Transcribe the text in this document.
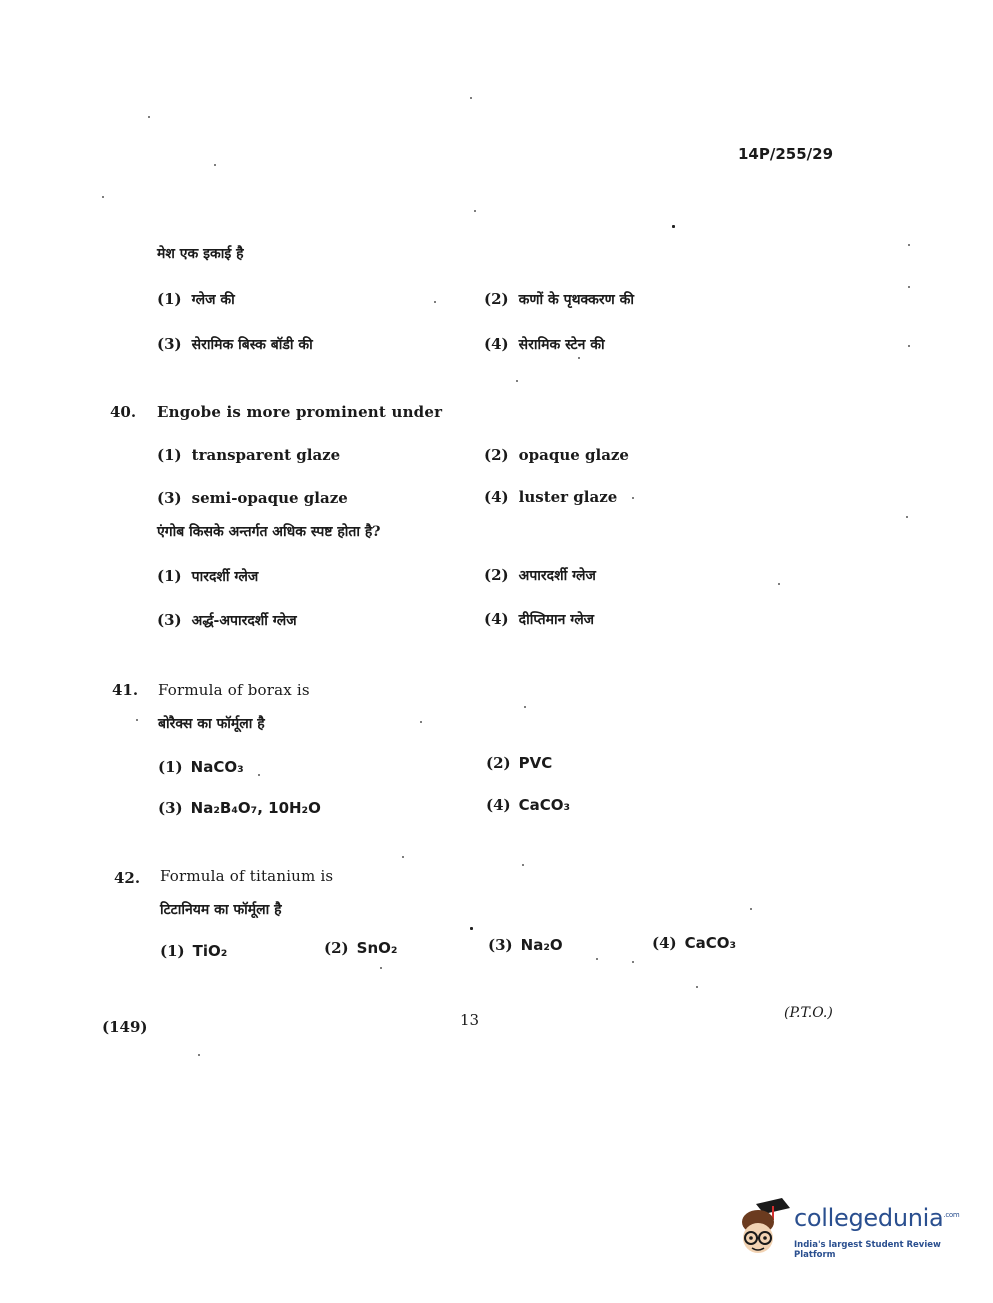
14P/255/29
मेश एक इकाई है
(1) ग्लेज की	(2) कणों के पृथक्करण की
(3) सेरामिक बिस्क बॉडी की	(4) सेरामिक स्टेन की
40. Engobe is more prominent under
(1) transparent glaze	(2) opaque glaze
(3) semi-opaque glaze	(4) luster glaze
एंगोब किसके अन्तर्गत अधिक स्पष्ट होता है?
(1) पारदर्शी ग्लेज	(2) अपारदर्शी ग्लेज
(3) अर्द्ध-अपारदर्शी ग्लेज	(4) दीप्तिमान ग्लेज
41. Formula of borax is
बोरैक्स का फॉर्मूला है
(1) NaCO₃	(2) PVC
(3) Na₂B₄O₇, 10H₂O	(4) CaCO₃
42. Formula of titanium is
टिटानियम का फॉर्मूला है
(1) TiO₂	(2) SnO₂	(3) Na₂O	(4) CaCO₃
(149)	13	(P.T.O.)
collegedunia$^{.com}$
India's largest Student Review Platform
